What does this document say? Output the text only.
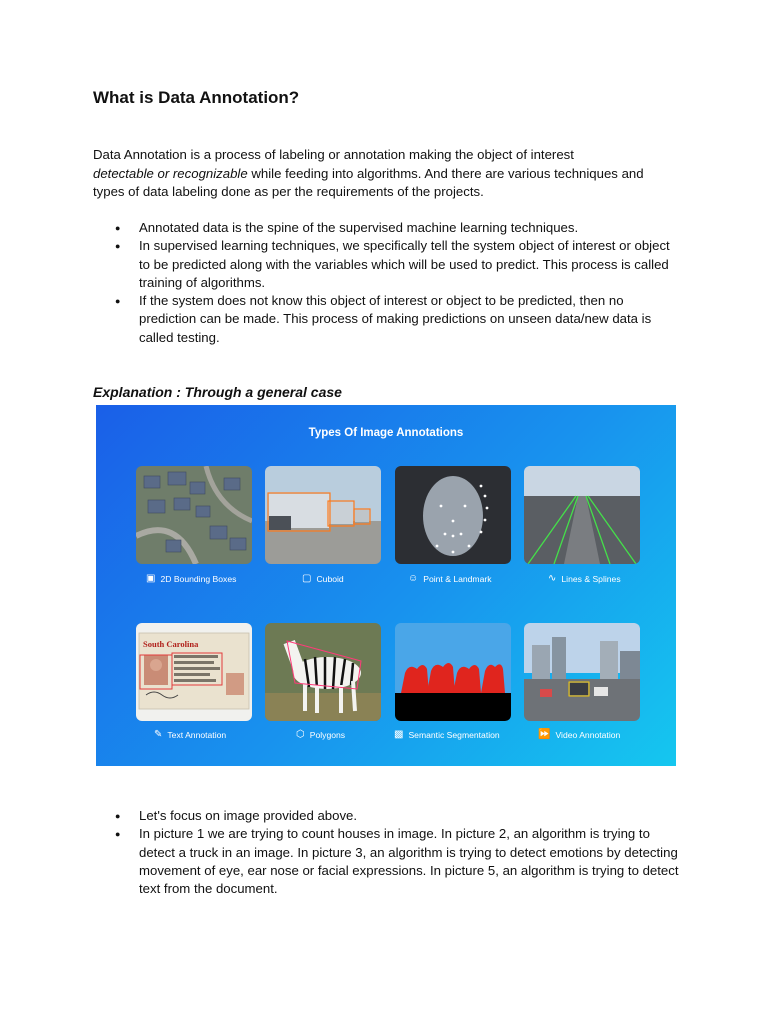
What is Data Annotation?

Data Annotation is a process of labeling or annotation making the object of interest
detectable or recognizable while feeding into algorithms. And there are various techniques and types of data labeling done as per the requirements of the projects.

● Annotated data is the spine of the supervised machine learning techniques.
● In supervised learning techniques, we specifically tell the system object of interest or object to be predicted along with the variables which will be used to predict. This process is called training of algorithms.
● If the system does not know this object of interest or object to be predicted, then no prediction can be made. This process of making predictions on unseen data/new data is called testing.

Explanation : Through a general case

Types Of Image Annotations
▣ 2D Bounding Boxes	▢ Cuboid	☺ Point & Landmark	∿ Lines & Splines
South Carolina
✎ Text Annotation	⬡ Polygons	▩ Semantic Segmentation	⏩ Video Annotation
● Let's focus on image provided above.
● In picture 1 we are trying to count houses in image. In picture 2, an algorithm is trying to detect a truck in an image. In picture 3, an algorithm is trying to detect emotions by detecting movement of eye, ear nose or facial expressions. In picture 5, an algorithm is trying to detect text from the document.
